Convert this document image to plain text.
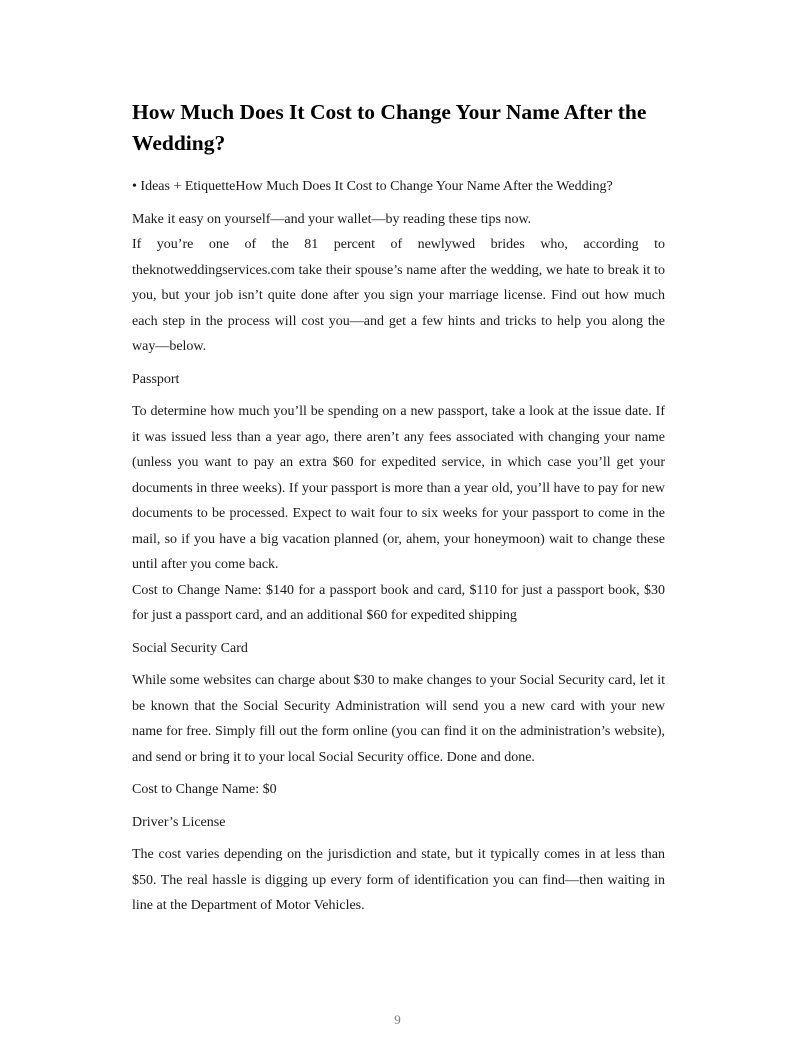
How Much Does It Cost to Change Your Name After the Wedding?

• Ideas + EtiquetteHow Much Does It Cost to Change Your Name After the Wedding?

Make it easy on yourself—and your wallet—by reading these tips now.

If you’re one of the 81 percent of newlywed brides who, according to theknotweddingservices.com take their spouse’s name after the wedding, we hate to break it to you, but your job isn’t quite done after you sign your marriage license. Find out how much each step in the process will cost you—and get a few hints and tricks to help you along the way—below.

Passport

To determine how much you’ll be spending on a new passport, take a look at the issue date. If it was issued less than a year ago, there aren’t any fees associated with changing your name (unless you want to pay an extra $60 for expedited service, in which case you’ll get your documents in three weeks). If your passport is more than a year old, you’ll have to pay for new documents to be processed. Expect to wait four to six weeks for your passport to come in the mail, so if you have a big vacation planned (or, ahem, your honeymoon) wait to change these until after you come back.

Cost to Change Name: $140 for a passport book and card, $110 for just a passport book, $30 for just a passport card, and an additional $60 for expedited shipping

Social Security Card

While some websites can charge about $30 to make changes to your Social Security card, let it be known that the Social Security Administration will send you a new card with your new name for free. Simply fill out the form online (you can find it on the administration’s website), and send or bring it to your local Social Security office. Done and done.

Cost to Change Name: $0

Driver’s License

The cost varies depending on the jurisdiction and state, but it typically comes in at less than $50. The real hassle is digging up every form of identification you can find—then waiting in line at the Department of Motor Vehicles.

9
